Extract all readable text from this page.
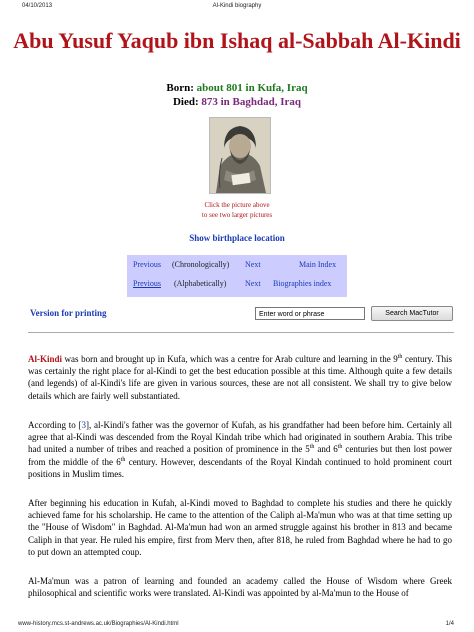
04/10/2013	Al-Kindi biography
Abu Yusuf Yaqub ibn Ishaq al-Sabbah Al-Kindi
Born: about 801 in Kufa, Iraq
Died: 873 in Baghdad, Iraq
Click the picture above
to see two larger pictures
Show birthplace location
Previous (Chronologically) Next	Main Index
Previous (Alphabetically) Next Biographies index
Version for printing	Enter word or phrase	Search MacTutor
Al-Kindi was born and brought up in Kufa, which was a centre for Arab culture and learning in the 9th century. This was certainly the right place for al-Kindi to get the best education possible at this time. Although quite a few details (and legends) of al-Kindi's life are given in various sources, these are not all consistent. We shall try to give below details which are fairly well substantiated.
According to [3], al-Kindi's father was the governor of Kufah, as his grandfather had been before him. Certainly all agree that al-Kindi was descended from the Royal Kindah tribe which had originated in southern Arabia. This tribe had united a number of tribes and reached a position of prominence in the 5th and 6th centuries but then lost power from the middle of the 6th century. However, descendants of the Royal Kindah continued to hold prominent court positions in Muslim times.
After beginning his education in Kufah, al-Kindi moved to Baghdad to complete his studies and there he quickly achieved fame for his scholarship. He came to the attention of the Caliph al-Ma'mun who was at that time setting up the "House of Wisdom" in Baghdad. Al-Ma'mun had won an armed struggle against his brother in 813 and became Caliph in that year. He ruled his empire, first from Merv then, after 818, he ruled from Baghdad where he had to go to put down an attempted coup.
Al-Ma'mun was a patron of learning and founded an academy called the House of Wisdom where Greek philosophical and scientific works were translated. Al-Kindi was appointed by al-Ma'mun to the House of
www-history.mcs.st-andrews.ac.uk/Biographies/Al-Kindi.html	1/4
